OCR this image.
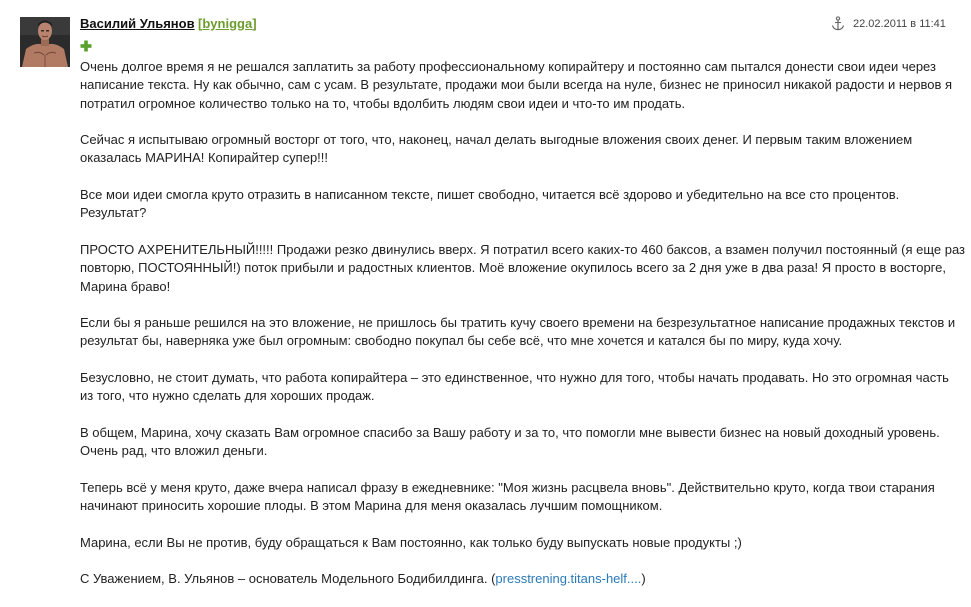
Василий Ульянов [bynigga]	22.02.2011 в 11:41

Очень долгое время я не решался заплатить за работу профессиональному копирайтеру и постоянно сам пытался донести свои идеи через написание текста. Ну как обычно, сам с усам. В результате, продажи мои были всегда на нуле, бизнес не приносил никакой радости и нервов я потратил огромное количество только на то, чтобы вдолбить людям свои идеи и что-то им продать.

Сейчас я испытываю огромный восторг от того, что, наконец, начал делать выгодные вложения своих денег. И первым таким вложением оказалась МАРИНА! Копирайтер супер!!!

Все мои идеи смогла круто отразить в написанном тексте, пишет свободно, читается всё здорово и убедительно на все сто процентов. Результат?

ПРОСТО АХРЕНИТЕЛЬНЫЙ!!!!! Продажи резко двинулись вверх. Я потратил всего каких-то 460 баксов, а взамен получил постоянный (я еще раз повторю, ПОСТОЯННЫЙ!) поток прибыли и радостных клиентов. Моё вложение окупилось всего за 2 дня уже в два раза! Я просто в восторге, Марина браво!

Если бы я раньше решился на это вложение, не пришлось бы тратить кучу своего времени на безрезультатное написание продажных текстов и результат бы, наверняка уже был огромным: свободно покупал бы себе всё, что мне хочется и катался бы по миру, куда хочу.

Безусловно, не стоит думать, что работа копирайтера – это единственное, что нужно для того, чтобы начать продавать. Но это огромная часть из того, что нужно сделать для хороших продаж.

В общем, Марина, хочу сказать Вам огромное спасибо за Вашу работу и за то, что помогли мне вывести бизнес на новый доходный уровень. Очень рад, что вложил деньги.

Теперь всё у меня круто, даже вчера написал фразу в ежедневнике: "Моя жизнь расцвела вновь". Действительно круто, когда твои старания начинают приносить хорошие плоды. В этом Марина для меня оказалась лучшим помощником.

Марина, если Вы не против, буду обращаться к Вам постоянно, как только буду выпускать новые продукты ;)

С Уважением, В. Ульянов – основатель Модельного Бодибилдинга. (presstrening.titans-helf....)
